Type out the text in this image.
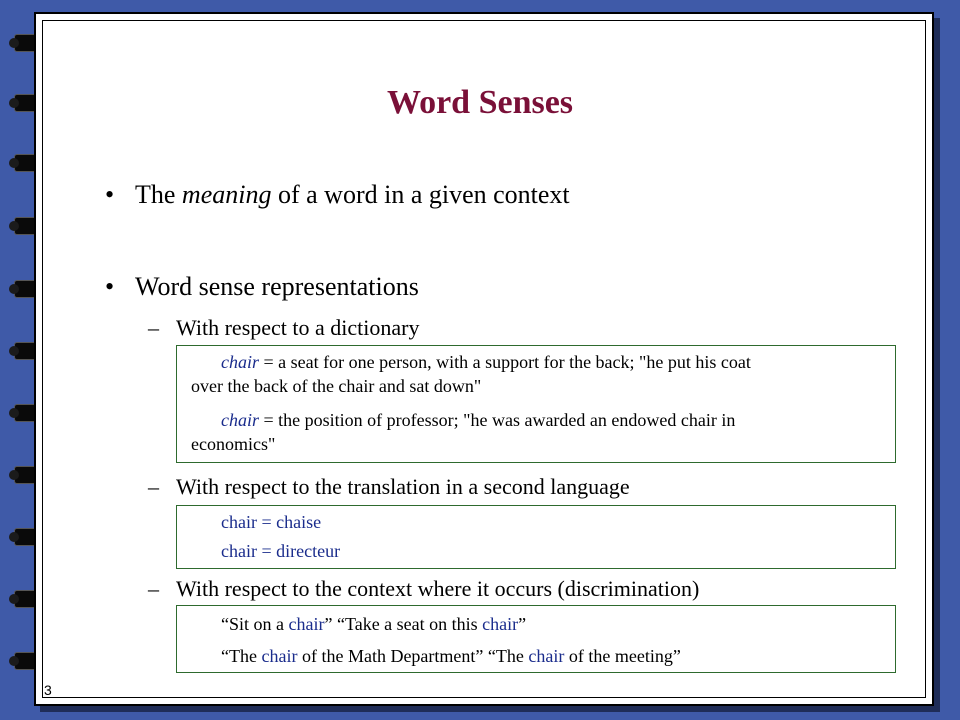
Word Senses
• The meaning of a word in a given context
• Word sense representations
– With respect to a dictionary
chair = a seat for one person, with a support for the back; "he put his coat
over the back of the chair and sat down"
chair = the position of professor; "he was awarded an endowed chair in
economics"
– With respect to the translation in a second language
chair = chaise
chair = directeur
– With respect to the context where it occurs (discrimination)
“Sit on a chair” “Take a seat on this chair”
“The chair of the Math Department” “The chair of the meeting”
3
